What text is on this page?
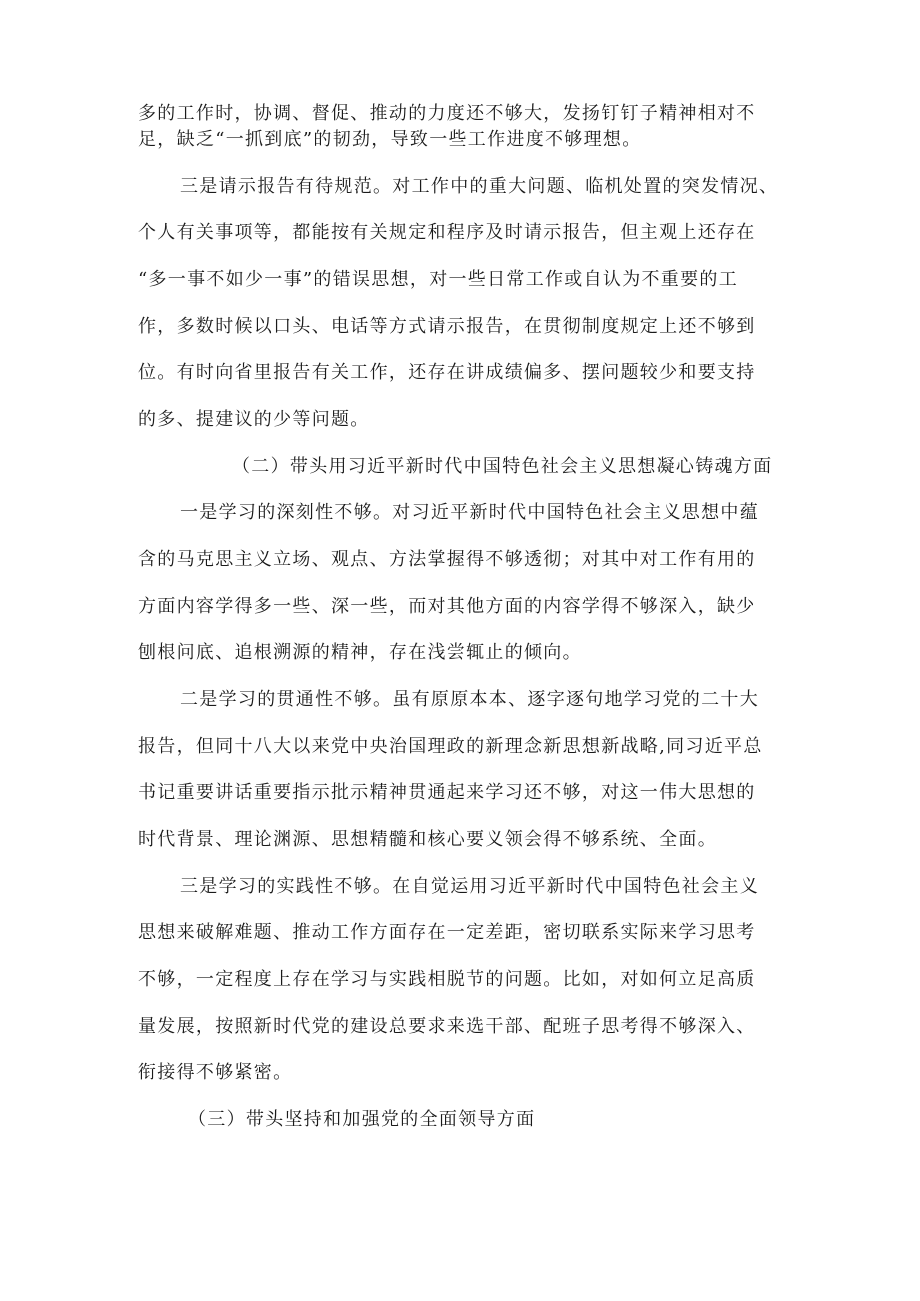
多的工作时，协调、督促、推动的力度还不够大，发扬钉钉子精神相对不
足，缺乏“一抓到底”的韧劲，导致一些工作进度不够理想。
三是请示报告有待规范。对工作中的重大问题、临机处置的突发情况、
个人有关事项等，都能按有关规定和程序及时请示报告，但主观上还存在
“多一事不如少一事”的错误思想，对一些日常工作或自认为不重要的工
作，多数时候以口头、电话等方式请示报告，在贯彻制度规定上还不够到
位。有时向省里报告有关工作，还存在讲成绩偏多、摆问题较少和要支持
的多、提建议的少等问题。
（二）带头用习近平新时代中国特色社会主义思想凝心铸魂方面
一是学习的深刻性不够。对习近平新时代中国特色社会主义思想中蕴
含的马克思主义立场、观点、方法掌握得不够透彻；对其中对工作有用的
方面内容学得多一些、深一些，而对其他方面的内容学得不够深入，缺少
刨根问底、追根溯源的精神，存在浅尝辄止的倾向。
二是学习的贯通性不够。虽有原原本本、逐字逐句地学习党的二十大
报告，但同十八大以来党中央治国理政的新理念新思想新战略,同习近平总
书记重要讲话重要指示批示精神贯通起来学习还不够，对这一伟大思想的
时代背景、理论渊源、思想精髓和核心要义领会得不够系统、全面。
三是学习的实践性不够。在自觉运用习近平新时代中国特色社会主义
思想来破解难题、推动工作方面存在一定差距，密切联系实际来学习思考
不够，一定程度上存在学习与实践相脱节的问题。比如，对如何立足高质
量发展，按照新时代党的建设总要求来选干部、配班子思考得不够深入、
衔接得不够紧密。
（三）带头坚持和加强党的全面领导方面
